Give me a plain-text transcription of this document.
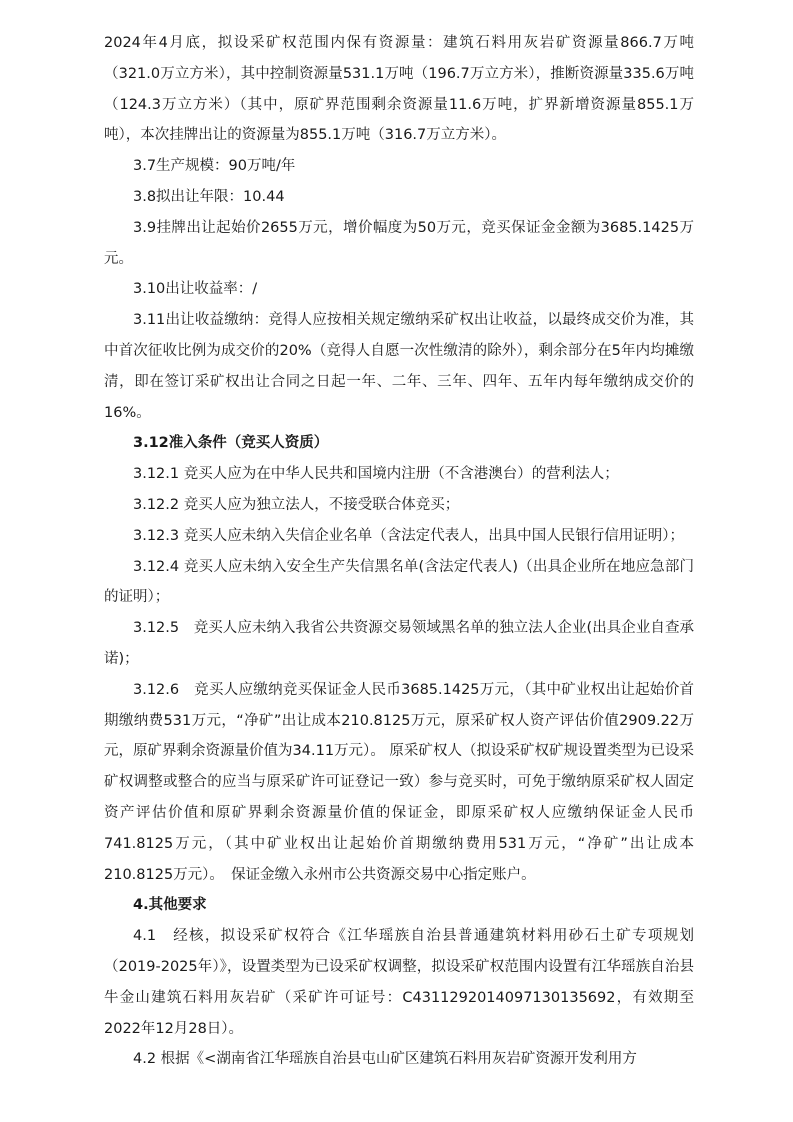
2024年4月底，拟设采矿权范围内保有资源量：建筑石料用灰岩矿资源量866.7万吨（321.0万立方米），其中控制资源量531.1万吨（196.7万立方米），推断资源量335.6万吨（124.3万立方米）（其中，原矿界范围剩余资源量11.6万吨，扩界新增资源量855.1万吨），本次挂牌出让的资源量为855.1万吨（316.7万立方米）。

3.7生产规模：90万吨/年

3.8拟出让年限：10.44

3.9挂牌出让起始价2655万元，增价幅度为50万元，竞买保证金金额为3685.1425万元。

3.10出让收益率：/

3.11出让收益缴纳：竞得人应按相关规定缴纳采矿权出让收益，以最终成交价为准，其中首次征收比例为成交价的20%（竞得人自愿一次性缴清的除外），剩余部分在5年内均摊缴清，即在签订采矿权出让合同之日起一年、二年、三年、四年、五年内每年缴纳成交价的16%。

3.12准入条件（竞买人资质）

3.12.1 竞买人应为在中华人民共和国境内注册（不含港澳台）的营利法人；

3.12.2 竞买人应为独立法人，不接受联合体竞买；

3.12.3 竞买人应未纳入失信企业名单（含法定代表人，出具中国人民银行信用证明）；

3.12.4 竞买人应未纳入安全生产失信黑名单(含法定代表人)（出具企业所在地应急部门的证明）；

3.12.5　竞买人应未纳入我省公共资源交易领域黑名单的独立法人企业(出具企业自查承诺)；

3.12.6　竞买人应缴纳竞买保证金人民币3685.1425万元，（其中矿业权出让起始价首期缴纳费531万元，“净矿”出让成本210.8125万元，原采矿权人资产评估价值2909.22万元，原矿界剩余资源量价值为34.11万元）。 原采矿权人（拟设采矿权矿规设置类型为已设采矿权调整或整合的应当与原采矿许可证登记一致）参与竞买时，可免于缴纳原采矿权人固定资产评估价值和原矿界剩余资源量价值的保证金，即原采矿权人应缴纳保证金人民币741.8125万元，（其中矿业权出让起始价首期缴纳费用531万元，“净矿”出让成本210.8125万元）。　保证金缴入永州市公共资源交易中心指定账户。

4.其他要求

4.1　经核，拟设采矿权符合《江华瑶族自治县普通建筑材料用砂石土矿专项规划（2019-2025年）》，设置类型为已设采矿权调整，拟设采矿权范围内设置有江华瑶族自治县牛金山建筑石料用灰岩矿（采矿许可证号：C4311292014097130135692，有效期至2022年12月28日）。

4.2 根据《<湖南省江华瑶族自治县屯山矿区建筑石料用灰岩矿资源开发利用方
